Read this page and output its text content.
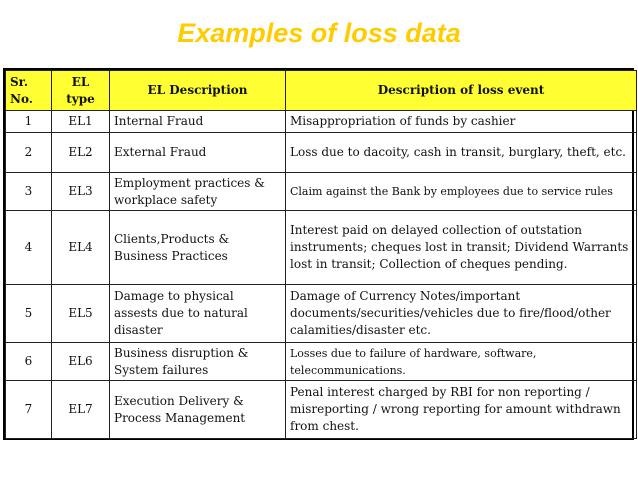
Examples of loss data
Sr. No.	EL type	EL Description	Description of loss event
1	EL1	Internal Fraud	Misappropriation of funds by cashier
2	EL2	External Fraud	Loss due to dacoity, cash in transit, burglary, theft, etc.
3	EL3	Employment practices & workplace safety	Claim against the Bank by employees due to service rules
4	EL4	Clients,Products & Business Practices	Interest paid on delayed collection of outstation instruments; cheques lost in transit; Dividend Warrants lost in transit; Collection of cheques pending.
5	EL5	Damage to physical assests due to natural disaster	Damage of Currency Notes/important documents/securities/vehicles due to fire/flood/other calamities/disaster etc.
6	EL6	Business disruption & System failures	Losses due to failure of hardware, software, telecommunications.
7	EL7	Execution Delivery & Process Management	Penal interest charged by RBI for non reporting / misreporting / wrong reporting for amount withdrawn from chest.
